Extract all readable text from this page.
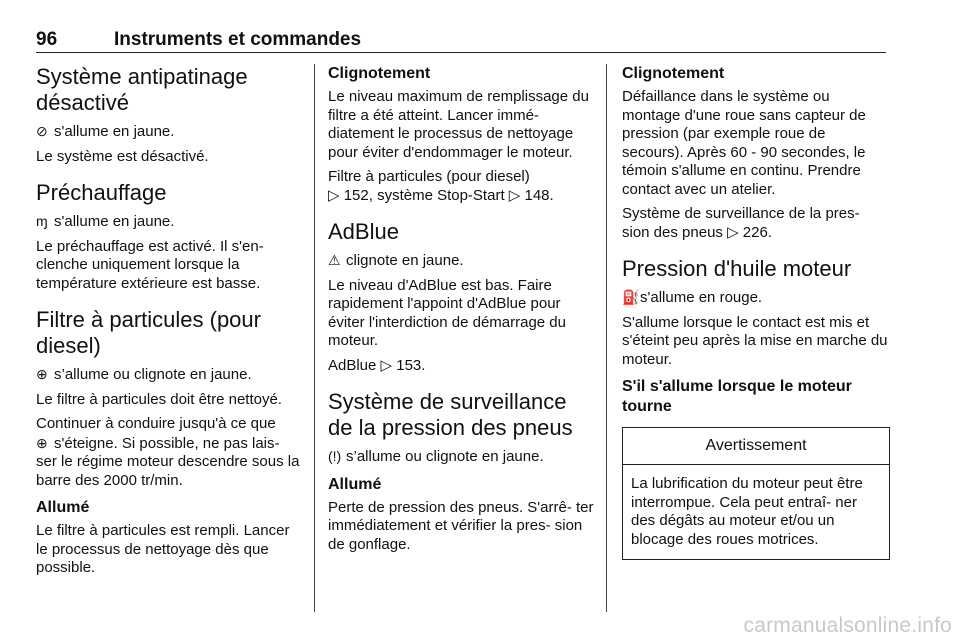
96	Instruments et commandes
Système antipatinage désactivé
⊘ s'allume en jaune.
Le système est désactivé.
Préchauffage
ɱ s'allume en jaune.
Le préchauffage est activé. Il s'en- clenche uniquement lorsque la température extérieure est basse.
Filtre à particules (pour diesel)
⊕ s’allume ou clignote en jaune.
Le filtre à particules doit être nettoyé.
Continuer à conduire jusqu'à ce que
⊕ s'éteigne. Si possible, ne pas lais- ser le régime moteur descendre sous la barre des 2000 tr/min.
Allumé
Le filtre à particules est rempli. Lancer le processus de nettoyage dès que possible.
Clignotement
Le niveau maximum de remplissage du filtre a été atteint. Lancer immé- diatement le processus de nettoyage pour éviter d'endommager le moteur.
Filtre à particules (pour diesel)
▷ 152, système Stop-Start ▷ 148.
AdBlue
⚠ clignote en jaune.
Le niveau d'AdBlue est bas. Faire rapidement l'appoint d'AdBlue pour éviter l'interdiction de démarrage du moteur.
AdBlue ▷ 153.
Système de surveillance de la pression des pneus
(!) s’allume ou clignote en jaune.
Allumé
Perte de pression des pneus. S'arrê- ter immédiatement et vérifier la pres- sion de gonflage.
Clignotement
Défaillance dans le système ou montage d'une roue sans capteur de pression (par exemple roue de secours). Après 60 - 90 secondes, le témoin s'allume en continu. Prendre contact avec un atelier.
Système de surveillance de la pres- sion des pneus ▷ 226.
Pression d'huile moteur
⛽s'allume en rouge.
S'allume lorsque le contact est mis et s'éteint peu après la mise en marche du moteur.
S'il s'allume lorsque le moteur tourne
Avertissement
La lubrification du moteur peut être interrompue. Cela peut entraî- ner des dégâts au moteur et/ou un blocage des roues motrices.
carmanualsonline.info
